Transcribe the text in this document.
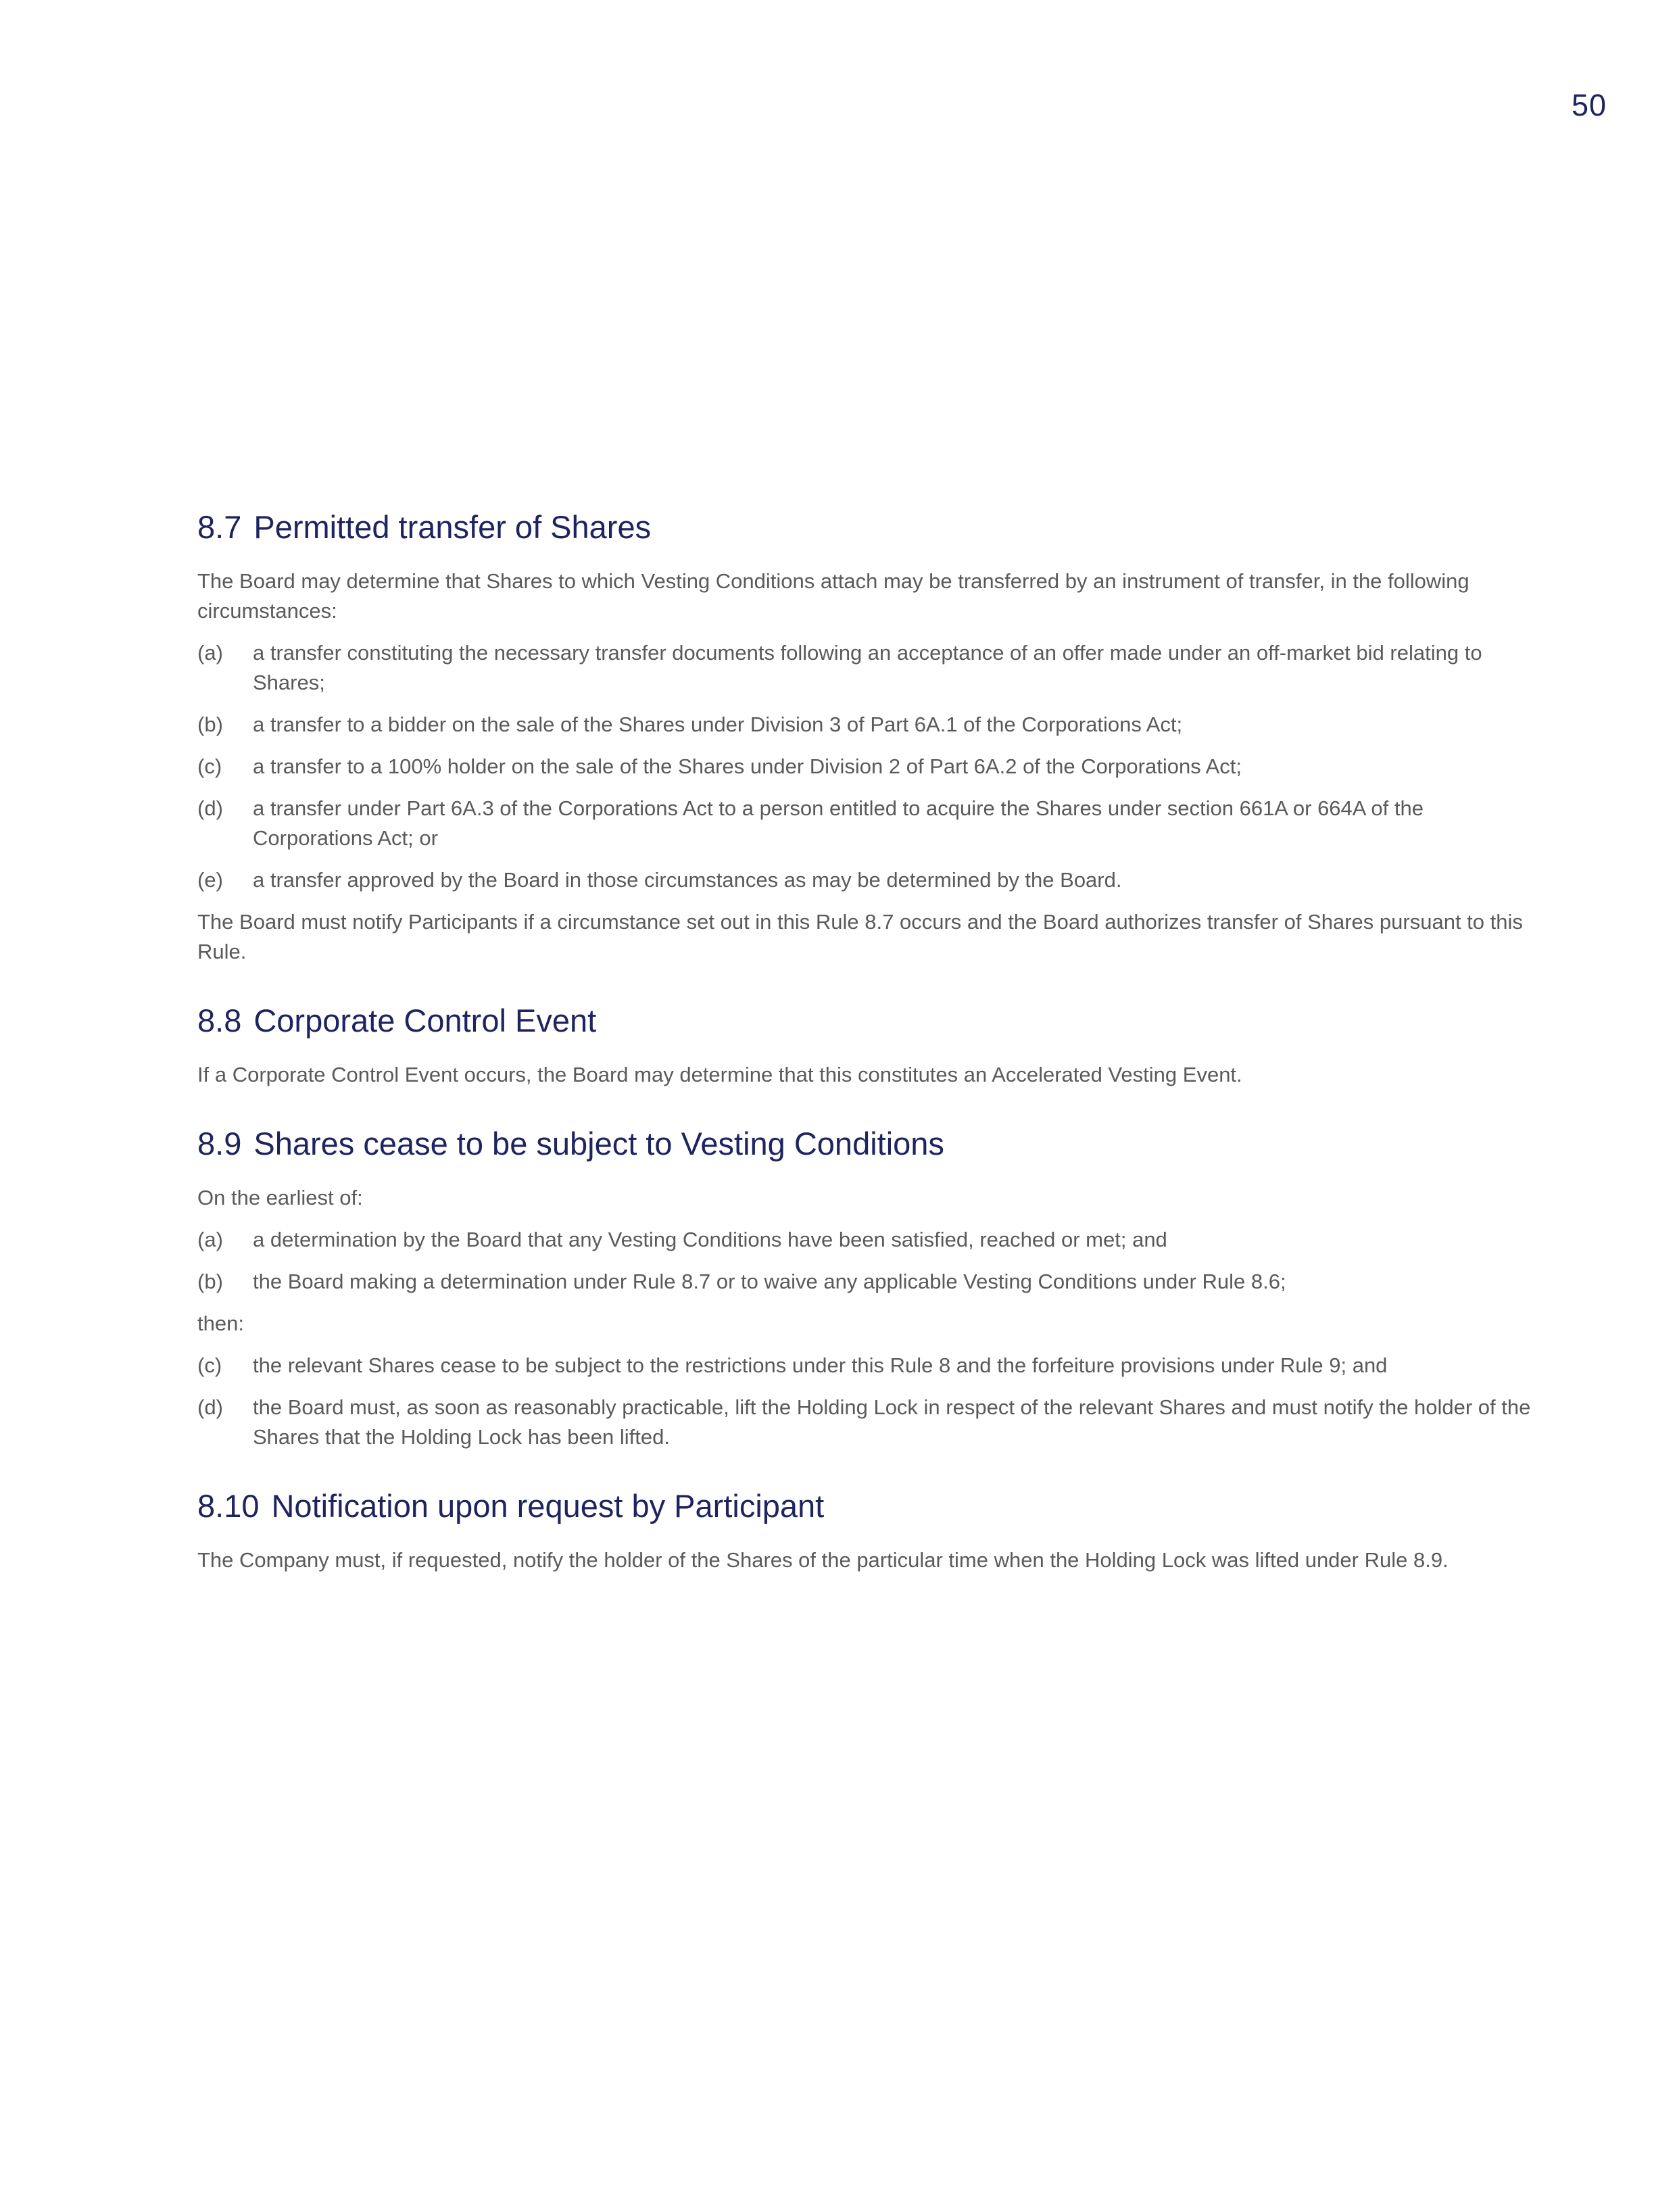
50
8.7 Permitted transfer of Shares

The Board may determine that Shares to which Vesting Conditions attach may be transferred by an instrument of transfer, in the following circumstances:

(a)	a transfer constituting the necessary transfer documents following an acceptance of an offer made under an off-market bid relating to Shares;
(b)	a transfer to a bidder on the sale of the Shares under Division 3 of Part 6A.1 of the Corporations Act;
(c)	a transfer to a 100% holder on the sale of the Shares under Division 2 of Part 6A.2 of the Corporations Act;
(d)	a transfer under Part 6A.3 of the Corporations Act to a person entitled to acquire the Shares under section 661A or 664A of the Corporations Act; or
(e)	a transfer approved by the Board in those circumstances as may be determined by the Board.

The Board must notify Participants if a circumstance set out in this Rule 8.7 occurs and the Board authorizes transfer of Shares pursuant to this Rule.

8.8 Corporate Control Event

If a Corporate Control Event occurs, the Board may determine that this constitutes an Accelerated Vesting Event.

8.9 Shares cease to be subject to Vesting Conditions

On the earliest of:

(a)	a determination by the Board that any Vesting Conditions have been satisfied, reached or met; and
(b)	the Board making a determination under Rule 8.7 or to waive any applicable Vesting Conditions under Rule 8.6;

then:

(c)	the relevant Shares cease to be subject to the restrictions under this Rule 8 and the forfeiture provisions under Rule 9; and
(d)	the Board must, as soon as reasonably practicable, lift the Holding Lock in respect of the relevant Shares and must notify the holder of the Shares that the Holding Lock has been lifted.
8.10 Notification upon request by Participant

The Company must, if requested, notify the holder of the Shares of the particular time when the Holding Lock was lifted under Rule 8.9.
